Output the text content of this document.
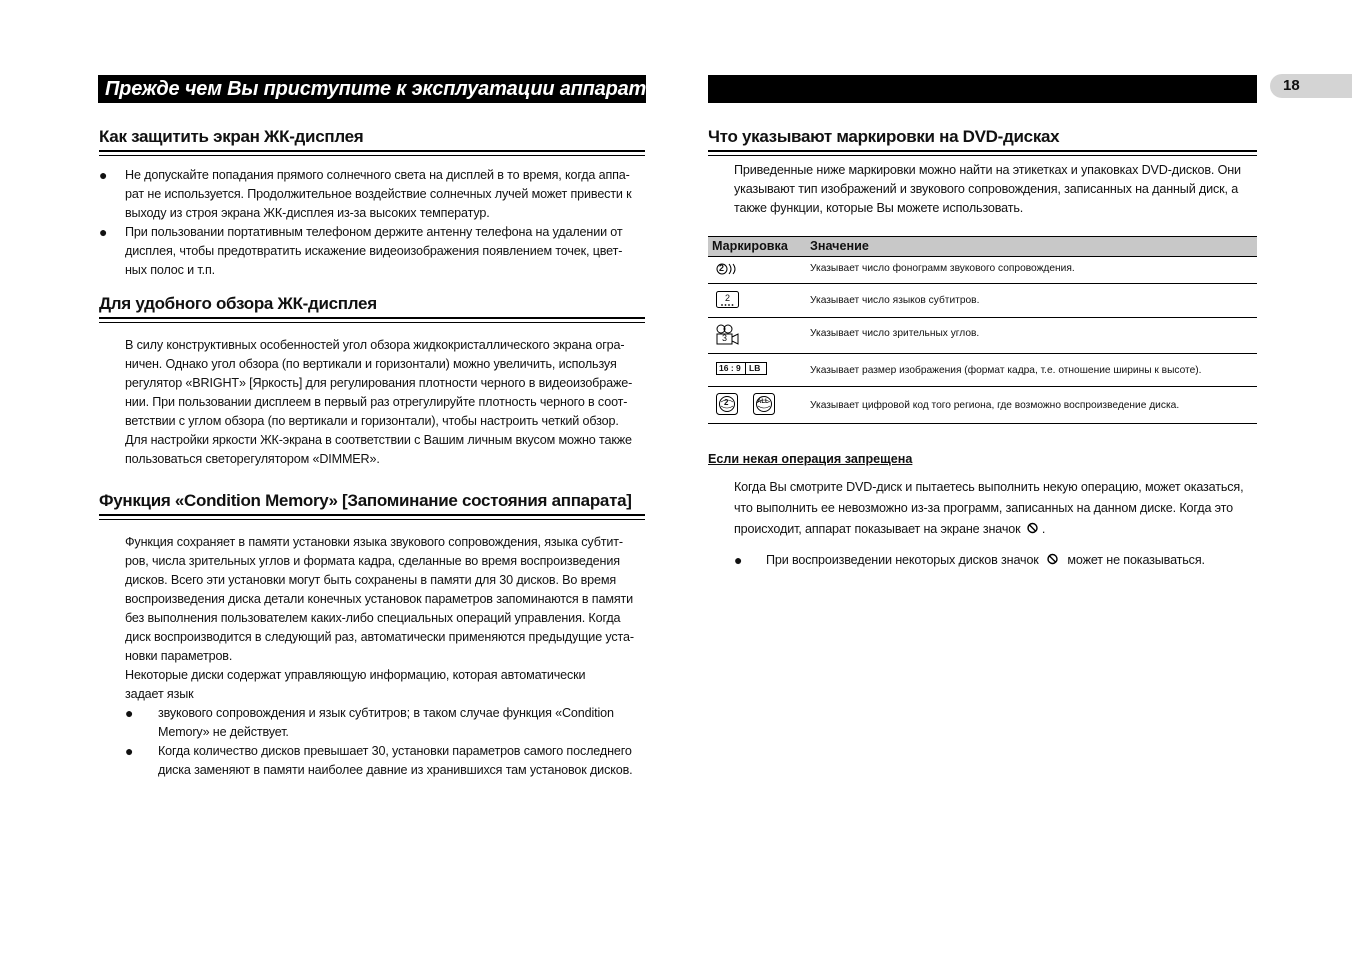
Прежде чем Вы приступите к эксплуатации аппарата	18
Как защитить экран ЖК-дисплея
● Не допускайте попадания прямого солнечного света на дисплей в то время, когда аппа-
рат не используется. Продолжительное воздействие солнечных лучей может привести к
выходу из строя экрана ЖК-дисплея из-за высоких температур.
● При пользовании портативным телефоном держите антенну телефона на удалении от
дисплея, чтобы предотвратить искажение видеоизображения появлением точек, цвет-
ных полос и т.п.
Для удобного обзора ЖК-дисплея
В силу конструктивных особенностей угол обзора жидкокристаллического экрана огра-
ничен. Однако угол обзора (по вертикали и горизонтали) можно увеличить, используя
регулятор «BRIGHT» [Яркость] для регулирования плотности черного в видеоизображе-
нии. При пользовании дисплеем в первый раз отрегулируйте плотность черного в соот-
ветствии с углом обзора (по вертикали и горизонтали), чтобы настроить четкий обзор.
Для настройки яркости ЖК-экрана в соответствии с Вашим личным вкусом можно также
пользоваться светорегулятором «DIMMER».
Функция «Condition Memory» [Запоминание состояния аппарата]
Функция сохраняет в памяти установки языка звукового сопровождения, языка субтит-
ров, числа зрительных углов и формата кадра, сделанные во время воспроизведения
дисков. Всего эти установки могут быть сохранены в памяти для 30 дисков. Во время
воспроизведения диска детали конечных установок параметров запоминаются в памяти
без выполнения пользователем каких-либо специальных операций управления. Когда
диск воспроизводится в следующий раз, автоматически применяются предыдущие уста-
новки параметров.
Некоторые диски содержат управляющую информацию, которая автоматически
задает язык
● звукового сопровождения и язык субтитров; в таком случае функция «Condition
Memory» не действует.
● Когда количество дисков превышает 30, установки параметров самого последнего
диска заменяют в памяти наиболее давние из хранившихся там установок дисков.
Что указывают маркировки на DVD-дисках
Приведенные ниже маркировки можно найти на этикетках и упаковках DVD-дисков. Они
указывают тип изображений и звукового сопровождения, записанных на данный диск, а
также функции, которые Вы можете использовать.
Маркировка Значение
2	Указывает число фонограмм звукового сопровождения.
2	Указывает число языков субтитров.
3	Указывает число зрительных углов.
16 : 9 LB	Указывает размер изображения (формат кадра, т.е. отношение ширины к высоте).
2	ALL	Указывает цифровой код того региона, где возможно воспроизведение диска.
Если некая операция запрещена
Когда Вы смотрите DVD-диск и пытаетесь выполнить некую операцию, может оказаться,
что выполнить ее невозможно из-за программ, записанных на данном диске. Когда это
происходит, аппарат показывает на экране значок .
● При воспроизведении некоторых дисков значок может не показываться.
